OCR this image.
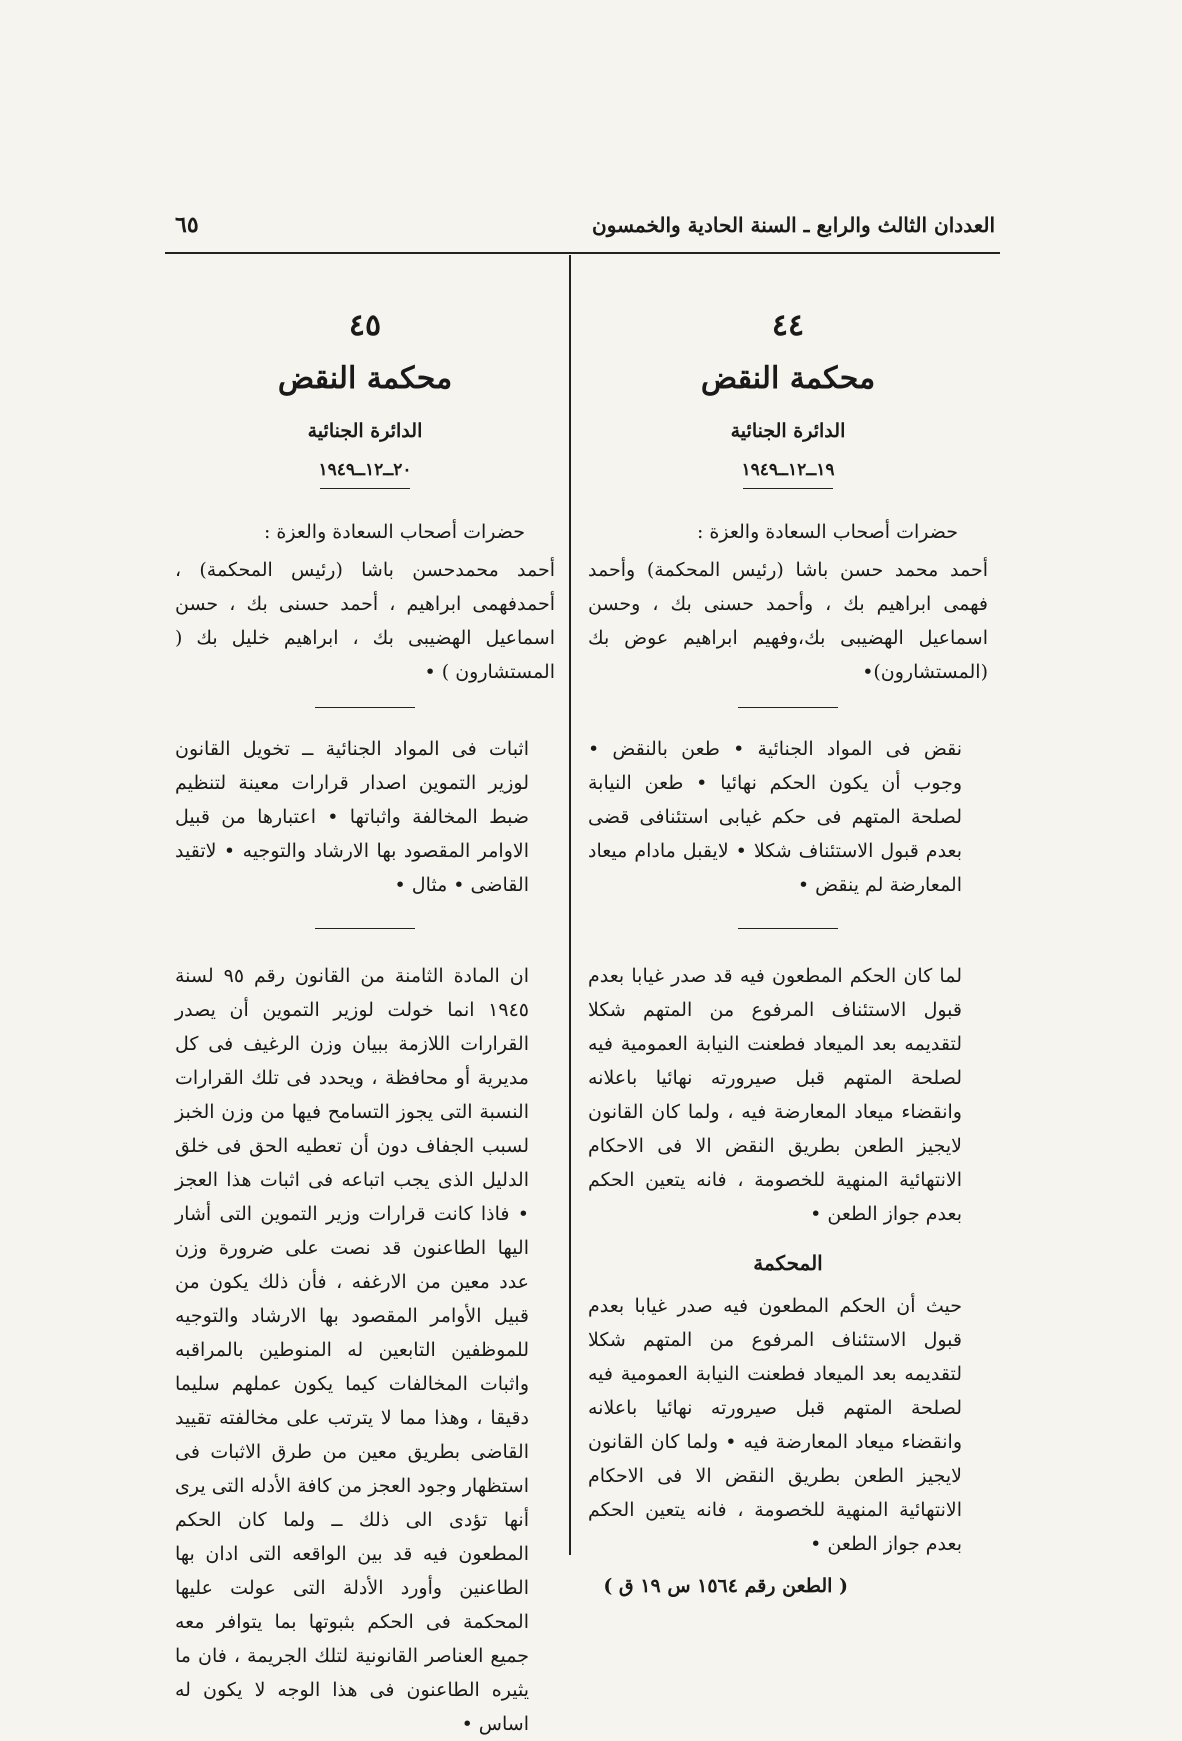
العددان الثالث والرابع ـ السنة الحادية والخمسون
٦٥
٤٤
محكمة النقض
الدائرة الجنائية
١٩ــ١٢ــ١٩٤٩
حضرات أصحاب السعادة والعزة :

أحمد محمد حسن باشا (رئيس المحكمة) وأحمد فهمى ابراهيم بك ، وأحمد حسنى بك ، وحسن اسماعيل الهضيبى بك،وفهيم ابراهيم عوض بك (المستشارون)•

نقض فى المواد الجنائية • طعن بالنقض • وجوب أن يكون الحكم نهائيا • طعن النيابة لصلحة المتهم فى حكم غيابى استئنافى قضى بعدم قبول الاستئناف شكلا • لايقبل مادام ميعاد المعارضة لم ينقض •

لما كان الحكم المطعون فيه قد صدر غيابا بعدم قبول الاستئناف المرفوع من المتهم شكلا لتقديمه بعد الميعاد فطعنت النيابة العمومية فيه لصلحة المتهم قبل صيرورته نهائيا باعلانه وانقضاء ميعاد المعارضة فيه ، ولما كان القانون لايجيز الطعن بطريق النقض الا فى الاحكام الانتهائية المنهية للخصومة ، فانه يتعين الحكم بعدم جواز الطعن •

المحكمة

حيث أن الحكم المطعون فيه صدر غيابا بعدم قبول الاستئناف المرفوع من المتهم شكلا لتقديمه بعد الميعاد فطعنت النيابة العمومية فيه لصلحة المتهم قبل صيرورته نهائيا باعلانه وانقضاء ميعاد المعارضة فيه • ولما كان القانون لايجيز الطعن بطريق النقض الا فى الاحكام الانتهائية المنهية للخصومة ، فانه يتعين الحكم بعدم جواز الطعن •

( الطعن رقم ١٥٦٤ س ١٩ ق )
٤٥
محكمة النقض
الدائرة الجنائية
٢٠ــ١٢ــ١٩٤٩
حضرات أصحاب السعادة والعزة :

أحمد محمدحسن باشا (رئيس المحكمة) ، أحمدفهمى ابراهيم ، أحمد حسنى بك ، حسن اسماعيل الهضيبى بك ، ابراهيم خليل بك ( المستشارون ) •

اثبات فى المواد الجنائية ــ تخويل القانون لوزير التموين اصدار قرارات معينة لتنظيم ضبط المخالفة واثباتها • اعتبارها من قبيل الاوامر المقصود بها الارشاد والتوجيه • لاتقيد القاضى • مثال •

ان المادة الثامنة من القانون رقم ٩٥ لسنة ١٩٤٥ انما خولت لوزير التموين أن يصدر القرارات اللازمة ببيان وزن الرغيف فى كل مديرية أو محافظة ، ويحدد فى تلك القرارات النسبة التى يجوز التسامح فيها من وزن الخبز لسبب الجفاف دون أن تعطيه الحق فى خلق الدليل الذى يجب اتباعه فى اثبات هذا العجز • فاذا كانت قرارات وزير التموين التى أشار اليها الطاعنون قد نصت على ضرورة وزن عدد معين من الارغفه ، فأن ذلك يكون من قبيل الأوامر المقصود بها الارشاد والتوجيه للموظفين التابعين له المنوطين بالمراقبه واثبات المخالفات كيما يكون عملهم سليما دقيقا ، وهذا مما لا يترتب على مخالفته تقييد القاضى بطريق معين من طرق الاثبات فى استظهار وجود العجز من كافة الأدله التى يرى أنها تؤدى الى ذلك ــ ولما كان الحكم المطعون فيه قد بين الواقعه التى ادان بها الطاعنين وأورد الأدلة التى عولت عليها المحكمة فى الحكم بثبوتها بما يتوافر معه جميع العناصر القانونية لتلك الجريمة ، فان ما يثيره الطاعنون فى هذا الوجه لا يكون له اساس •
